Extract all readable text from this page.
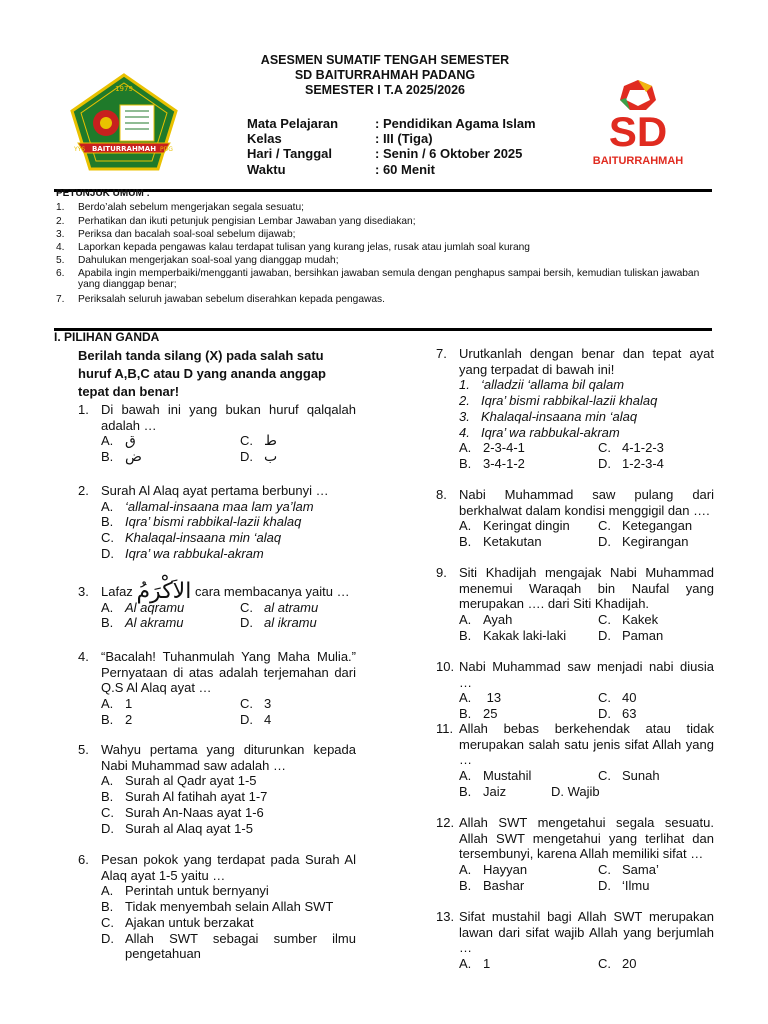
ASESMEN SUMATIF TENGAH SEMESTER
SD BAITURRAHMAH PADANG
SEMESTER I T.A 2025/2026
1979
BAITURRAHMAH
YYS	PDG	SD
BAITURRAHMAH
Mata Pelajaran	: Pendidikan Agama Islam
Kelas	: III (Tiga)
Hari / Tanggal	: Senin / 6 Oktober 2025
Waktu	: 60 Menit
PETUNJUK UMUM :
1. Berdo’alah sebelum mengerjakan segala sesuatu;
2. Perhatikan dan ikuti petunjuk pengisian Lembar Jawaban yang disediakan;
3. Periksa dan bacalah soal-soal sebelum dijawab;
4. Laporkan kepada pengawas kalau terdapat tulisan yang kurang jelas, rusak atau jumlah soal kurang
5. Dahulukan mengerjakan soal-soal yang dianggap mudah;
6. Apabila ingin memperbaiki/mengganti jawaban, bersihkan jawaban semula dengan penghapus sampai bersih, kemudian tuliskan jawaban yang dianggap benar;
7. Periksalah seluruh jawaban sebelum diserahkan kepada pengawas.
I. PILIHAN GANDA
Berilah tanda silang (X) pada salah satu huruf A,B,C atau D yang ananda anggap tepat dan benar!
1. Di bawah ini yang bukan huruf qalqalah adalah …
A. ق	C. ط
B. ض	D. ب
2. Surah Al Alaq ayat pertama berbunyi …
A. ‘allamal-insaana maa lam ya’lam
B. Iqra’ bismi rabbikal-lazii khalaq
C. Khalaqal-insaana min ‘alaq
D. Iqra’ wa rabbukal-akram
3. Lafaz الاَكْرَمُ cara membacanya yaitu …
A. Al aqramu	C. al atramu
B. Al akramu	D. al ikramu
4. “Bacalah! Tuhanmulah Yang Maha Mulia.” Pernyataan di atas adalah terjemahan dari Q.S Al Alaq ayat …
A. 1	C. 3
B. 2	D. 4
5. Wahyu pertama yang diturunkan kepada Nabi Muhammad saw adalah …
A. Surah al Qadr ayat 1-5
B. Surah Al fatihah ayat 1-7
C. Surah An-Naas ayat 1-6
D. Surah al Alaq ayat 1-5
6. Pesan pokok yang terdapat pada Surah Al Alaq ayat 1-5 yaitu …
A. Perintah untuk bernyanyi
B. Tidak menyembah selain Allah SWT
C. Ajakan untuk berzakat
D. Allah SWT sebagai sumber ilmu pengetahuan
7. Urutkanlah dengan benar dan tepat ayat yang terpadat di bawah ini!
1. ‘alladzii ‘allama bil qalam
2. Iqra’ bismi rabbikal-lazii khalaq
3. Khalaqal-insaana min ‘alaq
4. Iqra’ wa rabbukal-akram
A. 2-3-4-1	C. 4-1-2-3
B. 3-4-1-2	D. 1-2-3-4
8. Nabi Muhammad saw pulang dari berkhalwat dalam kondisi menggigil dan ….
A. Keringat dingin C. Ketegangan
B. Ketakutan	D. Kegirangan
9. Siti Khadijah mengajak Nabi Muhammad menemui Waraqah bin Naufal yang merupakan …. dari Siti Khadijah.
A. Ayah	C. Kakek
B. Kakak laki-laki D. Paman
10. Nabi Muhammad saw menjadi nabi diusia …
A. 13	C. 40
B. 25	D. 63
11. Allah bebas berkehendak atau tidak merupakan salah satu jenis sifat Allah yang …
A. Mustahil	C. Sunah
B. Jaiz	D. Wajib
12. Allah SWT mengetahui segala sesuatu. Allah SWT mengetahui yang terlihat dan tersembunyi, karena Allah memiliki sifat …
A. Hayyan	C. Sama’
B. Bashar	D. ‘Ilmu
13. Sifat mustahil bagi Allah SWT merupakan lawan dari sifat wajib Allah yang berjumlah …
A. 1	C. 20
